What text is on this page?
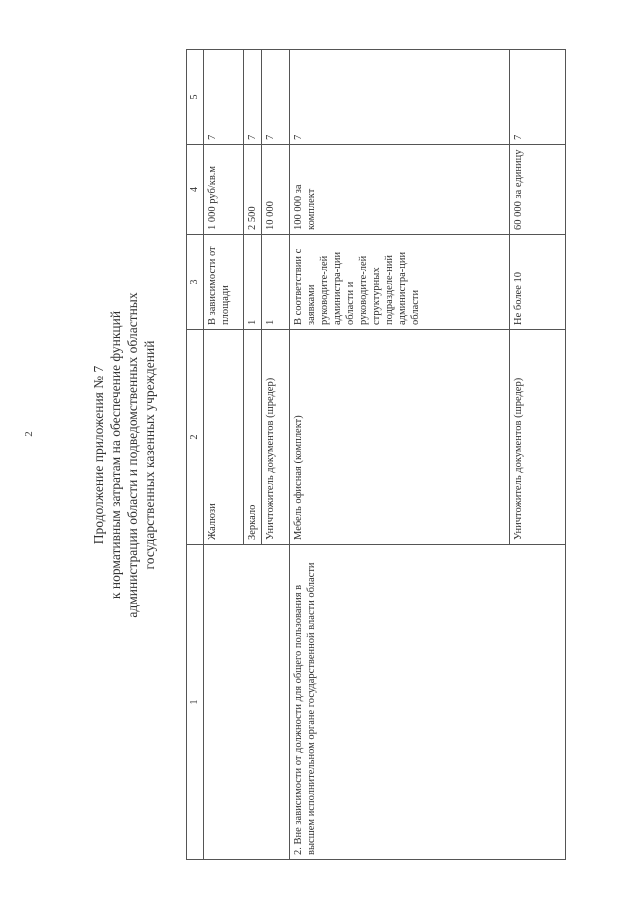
2	Продолжение приложения № 7 к нормативным затратам на обеспечение функций администрации области и подведомственных областных государственных казенных учреждений
1	2	3	4	5
	Жалюзи	В зависимости от площади	1 000 руб/кв.м	7
	Зеркало	1	2 500	7
	Уничтожитель документов (шредер)	1	10 000	7
2. Вне зависимости от должности для общего пользования в высшем исполнительном органе государственной власти области	Мебель офисная (комплект)	В соответствии с заявками руководите-лей администра-ции области и руководите-лей структурных подразделе-ний администра-ции области	100 000 за комплект	7
	Уничтожитель документов (шредер)	Не более 10	60 000 за единицу	7
